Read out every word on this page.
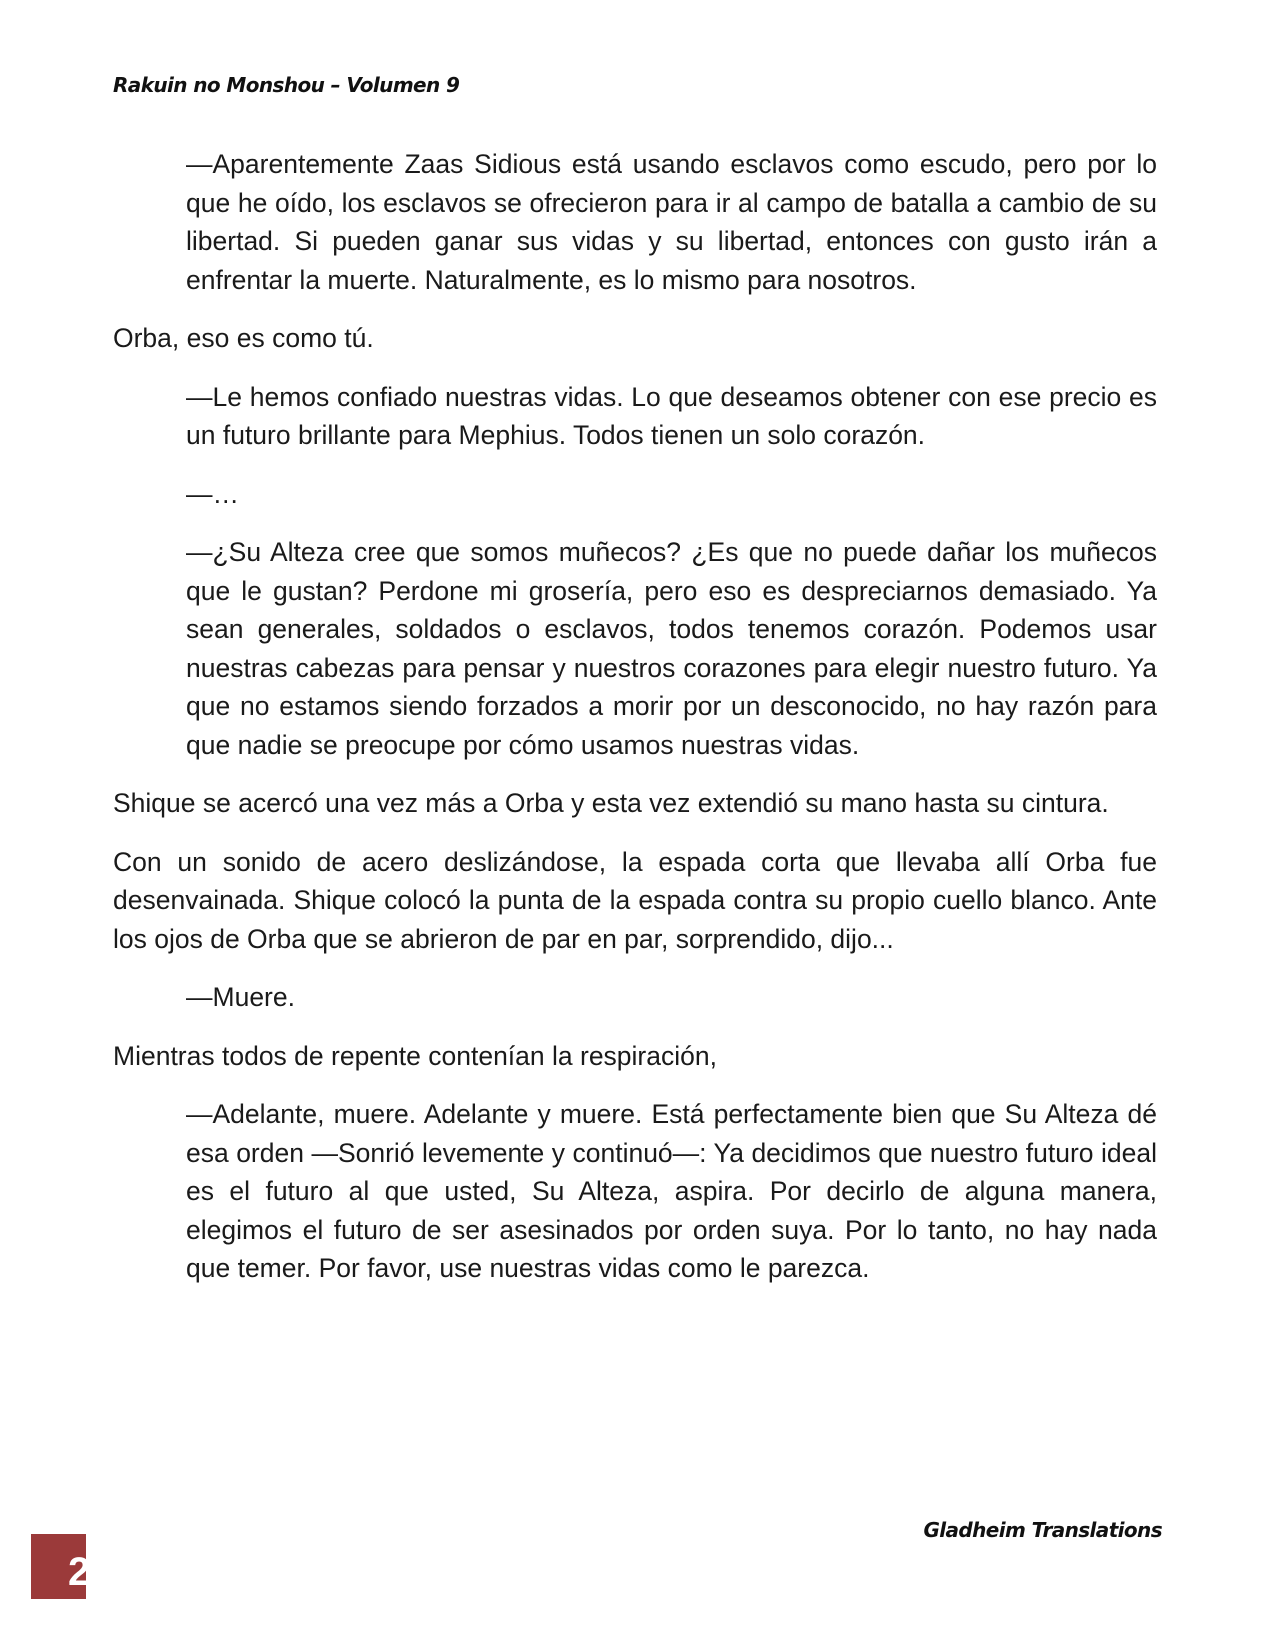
Rakuin no Monshou – Volumen 9

—Aparentemente Zaas Sidious está usando esclavos como escudo, pero por lo que he oído, los esclavos se ofrecieron para ir al campo de batalla a cambio de su libertad. Si pueden ganar sus vidas y su libertad, entonces con gusto irán a enfrentar la muerte. Naturalmente, es lo mismo para nosotros.

Orba, eso es como tú.

—Le hemos confiado nuestras vidas. Lo que deseamos obtener con ese precio es un futuro brillante para Mephius. Todos tienen un solo corazón.

—…

—¿Su Alteza cree que somos muñecos? ¿Es que no puede dañar los muñecos que le gustan? Perdone mi grosería, pero eso es despreciarnos demasiado. Ya sean generales, soldados o esclavos, todos tenemos corazón. Podemos usar nuestras cabezas para pensar y nuestros corazones para elegir nuestro futuro. Ya que no estamos siendo forzados a morir por un desconocido, no hay razón para que nadie se preocupe por cómo usamos nuestras vidas.

Shique se acercó una vez más a Orba y esta vez extendió su mano hasta su cintura.

Con un sonido de acero deslizándose, la espada corta que llevaba allí Orba fue desenvainada. Shique colocó la punta de la espada contra su propio cuello blanco. Ante los ojos de Orba que se abrieron de par en par, sorprendido, dijo...

—Muere.

Mientras todos de repente contenían la respiración,

—Adelante, muere. Adelante y muere. Está perfectamente bien que Su Alteza dé esa orden —Sonrió levemente y continuó—: Ya decidimos que nuestro futuro ideal es el futuro al que usted, Su Alteza, aspira. Por decirlo de alguna manera, elegimos el futuro de ser asesinados por orden suya. Por lo tanto, no hay nada que temer. Por favor, use nuestras vidas como le parezca.

Gladheim Translations
2
